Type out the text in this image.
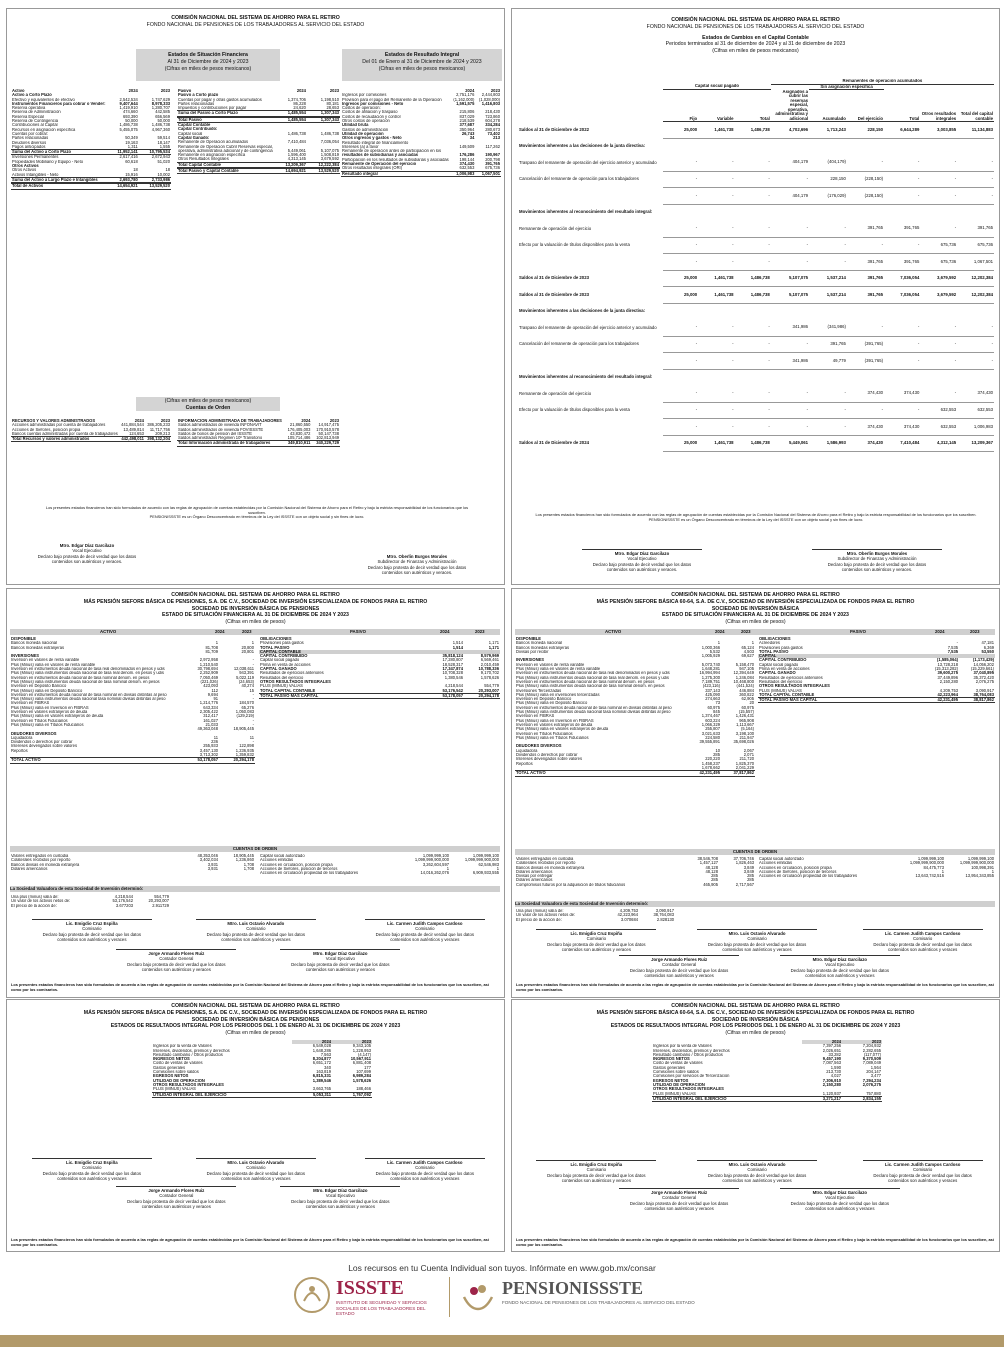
COMISIÓN NACIONAL DEL SISTEMA DE AHORRO PARA EL RETIRO
FONDO NACIONAL DE PENSIONES DE LOS TRABAJADORES AL SERVICIO DEL ESTADO
Estados de Situación Financiera
Al 31 de Diciembre de 2024 y 2023
(Cifras en miles de pesos mexicanos)
Estados de Resultado Integral
Del 01 de Enero al 31 de Diciembre de 2024 y 2023
(Cifras en miles de pesos mexicanos)
Activo	2024	2023
Activo a Corto Plazo		
Efectivo y equivalentes de efectivo	2,542,534	1,747,629
Instrumentos Financieros para cobrar o Vender:	9,407,644	8,978,333
Reserva operativa	1,419,910	1,280,707
Reserva de Administración	474,660	442,585
Reserva Especial	693,390	656,569
Reserva de Contingencia	50,000	50,000
Contribuciones al Capital	1,486,738	1,486,738
Recursos en asignación específica	5,455,075	4,967,360

Cuentas por cobrar:		
Partes relacionadas	50,349	59,514
Deudores diversos	19,163	18,147
Pagos anticipados	1,311	1,555
Suma del Activo a Corto Plazo	11,952,141	10,795,534

Inversiones Permanentes	2,617,416	2,672,943

Propiedades Mobiliario y Equipo - Neto	60,618	51,020

Otros Activos		
Otros Activos	18	18
Activos Intangibles - Neto	15,916	10,002

Suma del Activo a Largo Plazo e Intangibles	2,693,780	2,733,986

Total de Activos	14,654,921	13,529,520
Pasivo	2024	2023
Pasivo a Corto plazo		
Cuentas por pagar y otras gastos acumulados	1,374,706	1,198,510
Partes relacionadas	86,228	80,181
Impuestos y contribuciones por pagar	24,620	28,653
Suma del Pasivo a Corto Plazo	1,485,554	1,307,343

Total Pasivo	1,485,554	1,307,343

Capital Contable		

Capital Contribuido:		
Capital social	1,486,738	1,486,738

Capital Ganado:		
Remanente de Operación acumulados	7,410,484	7,036,054

Remanente de Operación Cubrir Reservas especial,		
operativa, administrativa adicional y de contingencia	5,449,061	5,107,075
Remanente en asignación específica	1,596,400	1,508,819

Otros Resultados Integrales	4,313,145	3,679,592

Total Capital Contable	13,209,367	12,222,384

Total Pasivo y Capital Contable	14,694,921	13,529,520
	2024	2023
Ingresos por comisiones	2,751,176	2,444,803
Provisión para el pago del Remanente de la Operación	(1,162,000)	(1,028,000)
Ingresos por comisiones - Neto	1,591,575	1,416,803

Costos de operación:		

Costos de afiliación y traspaso	215,806	218,430
Costos de recaudación y control	837,029	723,860
Otros costos de operación	218,539	604,278

Utilidad bruta	377,687	334,284

Gastos de administración	350,964	280,673

Utilidad de operación	26,743	73,402

Otros ingresos y gastos - Neto	34	213

Resultado integral de financiamiento		
Intereses (a) a favor	149,509	117,262

Remanente de operación antes de participación en los		
resultados de subsidiarias y asociadas	176,286	190,967

Participación en los resultados de subsidiarias y asociadas	198,144	200,798

Remanente de Operación del ejercicio	374,430	391,765

Otros resultados integrales (ORI)	632,553	675,736

Resultado integral	1,006,983	1,067,501
(Cifras en miles de pesos mexicanos)
Cuentas de Orden
RECURSOS Y VALORES ADMINISTRADOS	2024	2023
Acciones administradas por cuenta de trabajadores	441,884,544	386,205,233
Acciones de Siefores, posición propia	13,489,814	11,717,756
Bancos cuentas administradas por cuenta de trabajadores	124,653	209,213
Total Recursos y valores administrados	442,498,011	398,132,204
INFORMACIÓN ADMINISTRADA DE TRABAJADORES	2024	2023
Saldos administrados de vivienda INFONAVIT	21,860,550	14,917,475
Saldos administrados de vivienda FOVISSSTE	176,405,003	170,910,578
Saldos de bonos de pensión del ISSSTE	43,830,472	50,147,738
Saldos administrados Régimen 10º Transitorio	105,714,486	102,813,949
Total Información administrada de trabajadores	349,810,911	340,229,729
Los presentes estados financieros han sido formulados de acuerdo con las reglas de agrupación de cuentas establecidas por la Comisión Nacional del Sistema de Ahorro para el Retiro y bajo la estricta responsabilidad de los funcionarios que los suscriben.
PENSIONISSSTE es un Órgano Desconcentrado en términos de la Ley del ISSSTE con un objeto social y sin fines de lucro.
Mtro. Edgar Díaz Garcilazo
Vocal Ejecutivo
Declaro bajo protesta de decir verdad que los datos
contenidos son auténticos y veraces.
Mtro. Oberlin Burgos Morales
Subdirector de Finanzas y Administración
Declaro bajo protesta de decir verdad que los datos
contenidos son auténticos y veraces.
COMISIÓN NACIONAL DEL SISTEMA DE AHORRO PARA EL RETIRO
FONDO NACIONAL DE PENSIONES DE LOS TRABAJADORES AL SERVICIO DEL ESTADO
Estados de Cambios en el Capital Contable
Periodos terminados al 31 de diciembre de 2024 y al 31 de diciembre de 2023
(Cifras en miles de pesos mexicanos)
				Remanentes de operación acumulados					
	Capital social pagado				Sin asignación específica				
	Fijo	Variable	Total	Asignados a cubrir las reservas especial, operativa, administrativa y adicional	Acumulado	Del ejercicio	Total	Otros resultados integrales	Total del capital contable
Saldos al 31 de Diciembre de 2022	25,000	1,461,738	1,486,738	4,702,696	1,713,243	228,150	6,644,289	3,003,855	11,134,883
Movimientos inherentes a las decisiones de la junta directiva:									
Traspaso del remanente de operación del ejercicio anterior y acumulado	-	-	-	404,179	(404,179)	-	-	-	-
Cancelación del remanente de operación para los trabajadores	-	-	-	-	228,150	(228,150)	-	-	-
	-	-	-	404,179	(176,029)	(228,150)	-	-	-
Movimientos inherentes al reconocimiento del resultado integral:									
Remanente de operación del ejercicio	-	-	-	-	-	391,765	391,765	-	391,765
Efecto por la valuación de títulos disponibles para la venta	-	-	-	-	-	-	-	675,736	675,736
	-	-	-	-	-	391,765	391,765	675,736	1,067,501
Saldos al 31 de Diciembre de 2023	25,000	1,461,738	1,486,738	5,107,075	1,537,214	391,765	7,036,054	3,679,592	12,202,384
Saldos al 31 de Diciembre de 2023	25,000	1,461,738	1,486,738	5,107,075	1,537,214	391,765	7,036,054	3,679,592	12,202,384
Movimientos inherentes a las decisiones de la junta directiva:									
Traspaso del remanente de operación del ejercicio anterior y acumulado	-	-	-	341,986	(341,986)	-	-	-	-
Cancelación del remanente de operación para los trabajadores	-	-	-	-	391,765	(391,765)	-	-	-
	-	-	-	341,986	49,779	(391,765)	-	-	-
Movimientos inherentes al reconocimiento del resultado integral:									
Remanente de operación del ejercicio	-	-	-	-	-	374,430	374,430	-	374,430
Efecto por la valuación de títulos disponibles para la venta	-	-	-	-	-	-	-	632,553	632,553
	-	-	-	-	-	374,430	374,430	632,553	1,006,983
Saldos al 31 de Diciembre de 2024	25,000	1,461,738	1,486,738	5,449,061	1,586,993	374,430	7,410,484	4,312,145	13,209,367
Los presentes estados financieros han sido formulados de acuerdo con las reglas de agrupación de cuentas establecidas por la Comisión Nacional del Sistema de Ahorro para el Retiro y bajo la estricta responsabilidad de los funcionarios que los suscriben.
PENSIONISSSTE es un Órgano Desconcentrado en términos de la Ley del ISSSTE con un objeto social y sin fines de lucro.
Mtro. Edgar Díaz Garcilazo
Vocal Ejecutivo
Declaro bajo protesta de decir verdad que los datos
contenidos son auténticos y veraces.
Mtro. Oberlin Burgos Morales
Subdirector de Finanzas y Administración
Declaro bajo protesta de decir verdad que los datos
contenidos son auténticos y veraces.
COMISIÓN NACIONAL DEL SISTEMA DE AHORRO PARA EL RETIRO
MÁS PENSIÓN SIEFORE BÁSICA DE PENSIONES, S.A. DE C.V., SOCIEDAD DE INVERSIÓN ESPECIALIZADA DE FONDOS PARA EL RETIRO
SOCIEDAD DE INVERSIÓN BÁSICA DE PENSIONES
ESTADO DE SITUACIÓN FINANCIERA AL 31 DE DICIEMBRE DE 2024 Y 2023
(Cifras en miles de pesos)
ACTIVO	2024	2023	PASIVO	2024	2023
DISPONIBLE		
Bancos moneda nacional	1	1
Bancos monedas extranjeras	81,708	20,800
	81,709	20,801
INVERSIONES		
Inversión en valores de renta variable	2,972,958	-
Plus (Minus) valía en valores de renta variable	1,210,540	-
Inversión en instrumentos deuda nacional de tasa real denominados en pesos y udis	30,798,694	12,038,611
Plus (Minus) valía instrumentos deuda nacional de tasa real denom. en pesos y udis	2,252,909	943,391
Inversión en instrumentos deuda nacional de tasa nominal denom. en pesos	7,050,469	5,022,119
Plus (Minus) valía instrumentos deuda nacional de tasa nominal denom. en pesos	(221,026)	(24,653)
Inversión en Depósito Bancico	423,093	40,274
Plus (Minus) valía en Depósito Bancico	112	15
Inversión en instrumentos deuda nacional de tasa nominal en divisas distintas al peso	9,694	-
Plus (Minus) valía instrumentos deuda nacional tasa nominal divisas distintas al peso	91	-
Inversión en FIBRAS	1,214,776	184,570
Plus (Minus) valía en Inversión en FIBRAS	643,334	65,276
Inversión en valores extranjeros de deuda	2,305,422	1,050,083
Plus (Minus) valía en valores extranjeros de deuda	312,417	(129,219)
Inversión en Títulos Fiduciarios	161,027	-
Plus (Minus) valía en Títulos Fiduciarios	21,033	-
	49,363,048	18,905,445
DEUDORES DIVERSOS		
Liquidadora	11	11
Dividendos o derechos por cobrar	236	-
Intereses devengados sobre valores	255,933	122,898
Reportos	3,457,130	1,236,935
	3,713,302	1,359,832
TOTAL ACTIVO	53,178,057	20,294,178
OBLIGACIONES		
Provisiones para gastos	1,514	1,171

TOTAL PASIVO	1,514	1,171

CAPITAL CONTABLE		
CAPITAL CONTRIBUIDO	35,818,124	8,579,969
Capital social pagado	17,280,807	6,569,461
Prima en venta de acciones	18,528,317	2,010,459

CAPITAL GANADO	17,347,874	10,788,336
Resultados de ejercicios anteriores	10,708,328	9,170,702
Resultados del ejercicio	1,380,546	1,578,626
OTROS RESULTADOS INTEGRALES		
PLUS (MINUS) VALÍAS	4,218,544	554,779

TOTAL CAPITAL CONTABLE	53,176,542	20,293,007

TOTAL PASIVO MAS CAPITAL	53,178,057	20,294,178
CUENTAS DE ORDEN
Valores entregados en custodia	48,353,046	18,905,445
Colaterales recibidos por reporto	3,402,034	1,236,860
Bancos divisas en moneda extranjera	3,931	1,708
Dólares americanos	3,931	1,708
Capital social autorizado	1,099,999,100	1,099,999,100
Acciones emitidas	1,099,999,900,000	1,099,999,900,000
Acciones en circulación, posición propia	3,262,604,597	62,546,983
Acciones de Siefores, posición de terceros	1	1
Acciones en circulación propiedad de los trabajadores	14,016,262,076	6,909,933,555
La Sociedad Valuadora de esta Sociedad de Inversión determinó:
Una plus (minus) valía de:	4,218,544	554,779
Un valor de los activos netos de:	53,176,542	20,293,007
El precio de la acción de:	3.677203	2.911729
Lic. Emigdio Cruz Espiña
Comisario
Declaro bajo protesta de decir verdad que los datos
contenidos son auténticos y veraces
Mtro. Luis Octavio Alvarado
Comisario
Declaro bajo protesta de decir verdad que los datos
contenidos son auténticos y veraces
Lic. Carmen Judith Campos Cardoso
Comisario
Declaro bajo protesta de decir verdad que los datos
contenidos son auténticos y veraces
Jorge Armando Flores Ruiz
Contador General
Declaro bajo protesta de decir verdad que los datos
contenidos son auténticos y veraces
Mtro. Edgar Díaz Garcilazo
Vocal Ejecutivo
Declaro bajo protesta de decir verdad que los datos
contenidos son auténticos y veraces
Los presentes estados financieros han sido formulados de acuerdo a las reglas de agrupación de cuentas establecidas por la Comisión Nacional del Sistema de Ahorro para el Retiro y bajo la estricta responsabilidad de los funcionarios que los suscriben, así como por los comisarios.
COMISIÓN NACIONAL DEL SISTEMA DE AHORRO PARA EL RETIRO
MÁS PENSIÓN SIEFORE BÁSICA 60-64, S.A. DE C.V., SOCIEDAD DE INVERSIÓN ESPECIALIZADA DE FONDOS PARA EL RETIRO
SOCIEDAD DE INVERSIÓN BÁSICA
ESTADO DE SITUACIÓN FINANCIERA AL 31 DE DICIEMBRE DE 2024 Y 2023
(Cifras en miles de pesos)
ACTIVO	2024	2023	PASIVO	2024	2023
DISPONIBLE		
Bancos moneda nacional	1	1
Bancos monedas extranjeras	1,000,366	65,124
Divisas por recibir	5,532	4,503
	1,005,929	69,627
INVERSIONES		
Inversión en valores de renta variable	5,073,740	5,158,470
Plus (Minus) valía en valores de renta variable	1,648,281	947,105
Inversión en instrumentos deuda nacional de tasa real denominados en pesos y udis	16,994,994	12,394,649
Plus (Minus) valía instrumentos deuda nacional de tasa real denom. en pesos y udis	1,275,300	1,246,084
Inversión en instrumentos deuda nacional de tasa nominal denom. en pesos	7,189,751	10,468,800
Plus (Minus) valía instrumentos deuda nacional de tasa nominal denom. en pesos	(423,116)	(441,524)
Inversiones Tercerizadas	337,143	446,884
Plus (Minus) valía en inversiones tercerizadas	425,090	360,822
Inversión en Depósito Bancico	274,663	62,905
Plus (Minus) valía en Depósito Bancico	73	20
Inversión en instrumentos deuda nacional de tasa nominal en divisas distintas al peso	60,975	60,975
Plus (Minus) valía instrumentos deuda nacional tasa nominal divisas distintas al peso	845	(15,557)
Inversión en FIBRAS	1,374,467	1,426,431
Plus (Minus) valía en Inversión en FIBRAS	603,224	965,908
Inversión en valores extranjeros de deuda	1,066,329	1,113,667
Plus (Minus) valía en valores extranjeros de deuda	255,807	(5,164)
Inversión en Títulos Fiduciarios	3,021,633	3,198,100
Plus (Minus) valía en Títulos Fiduciarios	224,580	211,947
	39,555,891	35,698,026
DEUDORES DIVERSOS		
Liquidadora	10	2,067
Dividendos o derechos por cobrar	285	2,071
Intereses devengados sobre valores	220,220	211,720
Reportos	1,458,237	1,825,370
	1,678,662	2,041,229
TOTAL ACTIVO	42,231,495	37,817,862
OBLIGACIONES		
Acreedores	-	47,181
Provisiones para gastos	7,535	6,369

TOTAL PASIVO	7,535	53,550

CAPITAL		
CAPITAL CONTRIBUIDO	(1,585,064)	(1,173,429)
Capital social pagado	13,728,218	14,056,202
Prima en venta de acciones	(15,313,282)	(15,229,661)

CAPITAL GANADO	39,600,275	37,040,895
Resultados de ejercicios anteriores	37,449,896	35,372,420
Resultados del ejercicio	2,150,280	2,076,275
OTROS RESULTADOS INTEGRALES		
PLUS (MINUS) VALÍAS	4,209,753	3,090,917

TOTAL CAPITAL CONTABLE	42,223,964	38,764,083

TOTAL PASIVO MAS CAPITAL	42,231,495	38,817,862
CUENTAS DE ORDEN
Valores entregados en custodia	38,546,708	37,706,746
Colaterales recibidos por reporto	1,457,127	1,826,463
Bancos divisas en moneda extranjera	48,128	3,849
Dólares americanos	48,128	3,849
Divisas por entregar	285	285
Dólares americanos	285	285
Compromisos futuros por la adquisición de títulos fiduciarios	465,905	2,717,567
Capital social autorizado	1,099,999,100	1,099,999,100
Acciones emitidas	1,099,999,900,000	1,099,999,900,000
Acciones en circulación, posición propia	84,475,773	100,998,391
Acciones de Siefores, posición de terceros	1	1
Acciones en circulación propiedad de los trabajadores	13,643,742,516	13,954,343,855
La Sociedad Valuadora de esta Sociedad de Inversión determinó:
Una plus (minus) valía de:	4,209,753	3,090,917
Un valor de los activos netos de:	42,223,964	38,764,083
El precio de la acción de:	3.070684	2.828130
Lic. Emigdio Cruz Espiña
Comisario
Declaro bajo protesta de decir verdad que los datos
contenidos son auténticos y veraces
Mtro. Luis Octavio Alvarado
Comisario
Declaro bajo protesta de decir verdad que los datos
contenidos son auténticos y veraces
Lic. Carmen Judith Campos Cardoso
Comisario
Declaro bajo protesta de decir verdad que los datos
contenidos son auténticos y veraces
Jorge Armando Flores Ruiz
Contador General
Declaro bajo protesta de decir verdad que los datos
contenidos son auténticos y veraces
Mtro. Edgar Díaz Garcilazo
Vocal Ejecutivo
Declaro bajo protesta de decir verdad que los datos
contenidos son auténticos y veraces
Los presentes estados financieros han sido formulados de acuerdo a las reglas de agrupación de cuentas establecidas por la Comisión Nacional del Sistema de Ahorro para el Retiro y bajo la estricta responsabilidad de los funcionarios que los suscriben, así como por los comisarios.
COMISIÓN NACIONAL DEL SISTEMA DE AHORRO PARA EL RETIRO
MÁS PENSIÓN SIEFORE BÁSICA DE PENSIONES, S.A. DE C.V., SOCIEDAD DE INVERSIÓN ESPECIALIZADA DE FONDOS PARA EL RETIRO
SOCIEDAD DE INVERSIÓN BÁSICA DE PENSIONES
ESTADOS DE RESULTADOS INTEGRAL POR LOS PERIODOS DEL 1 DE ENERO AL 31 DE DICIEMBRE DE 2024 Y 2023
(Cifras en miles de pesos)
	2024	2023
Ingresos por la venta de Valores	6,549,028	9,343,105
Intereses, dividendos, premios y derechos	1,648,286	1,228,953
Resultado cambiario / Otros productos	7,563	(4,147)
INGRESOS NETOS	8,204,877	10,567,911

Costo de ventas de valores	6,651,172	6,881,408
Gastos generales	340	177
Comisiones sobre saldos	163,819	107,699
EGRESOS NETOS	6,815,331	6,989,284

UTILIDAD DE OPERACIÓN	1,389,546	1,578,626

OTROS RESULTADOS INTEGRALES		
PLUS (MINUS) VALÍAS	3,663,765	188,466

UTILIDAD INTEGRAL DEL EJERCICIO	5,053,311	1,767,092
Lic. Emigdio Cruz Espiña
Comisario
Declaro bajo protesta de decir verdad que los datos
contenidos son auténticos y veraces
Mtro. Luis Octavio Alvarado
Comisario
Declaro bajo protesta de decir verdad que los datos
contenidos son auténticos y veraces
Lic. Carmen Judith Campos Cardoso
Comisario
Declaro bajo protesta de decir verdad que los datos
contenidos son auténticos y veraces
Jorge Armando Flores Ruiz
Contador General
Declaro bajo protesta de decir verdad que los datos
contenidos son auténticos y veraces
Mtro. Edgar Díaz Garcilazo
Vocal Ejecutivo
Declaro bajo protesta de decir verdad que los datos
contenidos son auténticos y veraces
Los presentes estados financieros han sido formulados de acuerdo a las reglas de agrupación de cuentas establecidas por la Comisión Nacional del Sistema de Ahorro para el Retiro y bajo la estricta responsabilidad de los funcionarios que los suscriben, así como por los comisarios.
COMISIÓN NACIONAL DEL SISTEMA DE AHORRO PARA EL RETIRO
MÁS PENSIÓN SIEFORE BÁSICA 60-64, S.A. DE C.V., SOCIEDAD DE INVERSIÓN ESPECIALIZADA DE FONDOS PARA EL RETIRO
SOCIEDAD DE INVERSIÓN BÁSICA
ESTADOS DE RESULTADOS INTEGRAL POR LOS PERIODOS DEL 1 DE ENERO AL 31 DE DICIEMBRE DE 2024 Y 2023
(Cifras en miles de pesos)
	2024	2023
Ingresos por la venta de Valores	7,397,256	7,204,932
Intereses, dividendos, premios y derechos	2,026,651	2,282,655
Resultado cambiario / Otros productos	33,282	(117,077)
INGRESOS NETOS	9,457,190	9,370,509

Costo de ventas de valores	7,087,563	7,089,049
Gastos generales	1,590	1,564
Comisiones sobre saldos	213,730	204,147
Comisiones por servicios de Tercerización	4,027	3,477
EGRESOS NETOS	7,306,910	7,294,234

UTILIDAD DE OPERACIÓN	2,150,280	2,076,275

OTROS RESULTADOS INTEGRALES		
PLUS (MINUS) VALÍAS	1,120,937	757,880

UTILIDAD INTEGRAL DEL EJERCICIO	3,271,217	2,834,155
Lic. Emigdio Cruz Espiña
Comisario
Declaro bajo protesta de decir verdad que los datos
contenidos son auténticos y veraces
Mtro. Luis Octavio Alvarado
Comisario
Declaro bajo protesta de decir verdad que los datos
contenidos son auténticos y veraces
Lic. Carmen Judith Campos Cardoso
Comisario
Declaro bajo protesta de decir verdad que los datos
contenidos son auténticos y veraces
Jorge Armando Flores Ruiz
Contador General
Declaro bajo protesta de decir verdad que los datos
contenidos son auténticos y veraces
Mtro. Edgar Díaz Garcilazo
Vocal Ejecutivo
Declaro bajo protesta de decir verdad que los datos
contenidos son auténticos y veraces
Los presentes estados financieros han sido formulados de acuerdo a las reglas de agrupación de cuentas establecidas por la Comisión Nacional del Sistema de Ahorro para el Retiro y bajo la estricta responsabilidad de los funcionarios que los suscriben, así como por los comisarios.
Los recursos en tu Cuenta Individual son tuyos. Infórmate en www.gob.mx/consar
ISSSTE
INSTITUTO DE SEGURIDAD Y SERVICIOS SOCIALES DE LOS TRABAJADORES DEL ESTADO
PENSIONISSSTE
FONDO NACIONAL DE PENSIONES DE LOS TRABAJADORES AL SERVICIO DEL ESTADO
